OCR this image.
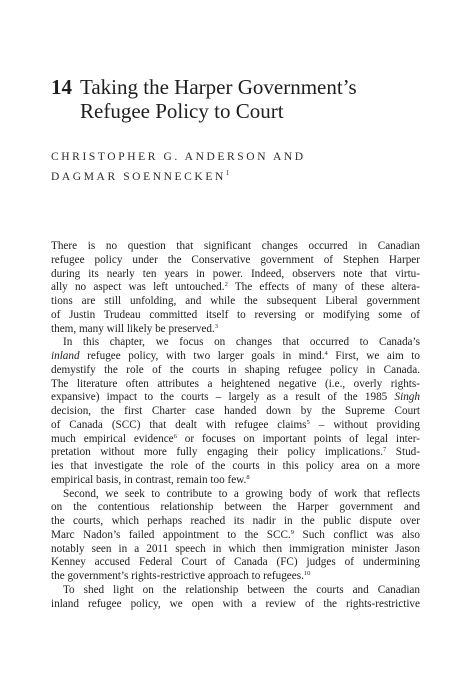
14 Taking the Harper Government’s
Refugee Policy to Court
CHRISTOPHER G. ANDERSON AND
DAGMAR SOENNECKEN$^1$
There is no question that significant changes occurred in Canadian
refugee policy under the Conservative government of Stephen Harper
during its nearly ten years in power. Indeed, observers note that virtu-
ally no aspect was left untouched.$^2$ The effects of many of these altera-
tions are still unfolding, and while the subsequent Liberal government
of Justin Trudeau committed itself to reversing or modifying some of
them, many will likely be preserved.$^3$
In this chapter, we focus on changes that occurred to Canada’s
inland refugee policy, with two larger goals in mind.$^4$ First, we aim to
demystify the role of the courts in shaping refugee policy in Canada.
The literature often attributes a heightened negative (i.e., overly rights-
expansive) impact to the courts – largely as a result of the 1985 Singh
decision, the first Charter case handed down by the Supreme Court
of Canada (SCC) that dealt with refugee claims$^5$ – without providing
much empirical evidence$^6$ or focuses on important points of legal inter-
pretation without more fully engaging their policy implications.$^7$ Stud-
ies that investigate the role of the courts in this policy area on a more
empirical basis, in contrast, remain too few.$^8$
Second, we seek to contribute to a growing body of work that reflects
on the contentious relationship between the Harper government and
the courts, which perhaps reached its nadir in the public dispute over
Marc Nadon’s failed appointment to the SCC.$^9$ Such conflict was also
notably seen in a 2011 speech in which then immigration minister Jason
Kenney accused Federal Court of Canada (FC) judges of undermining
the government’s rights-restrictive approach to refugees.$^{10}$
To shed light on the relationship between the courts and Canadian
inland refugee policy, we open with a review of the rights-restrictive
